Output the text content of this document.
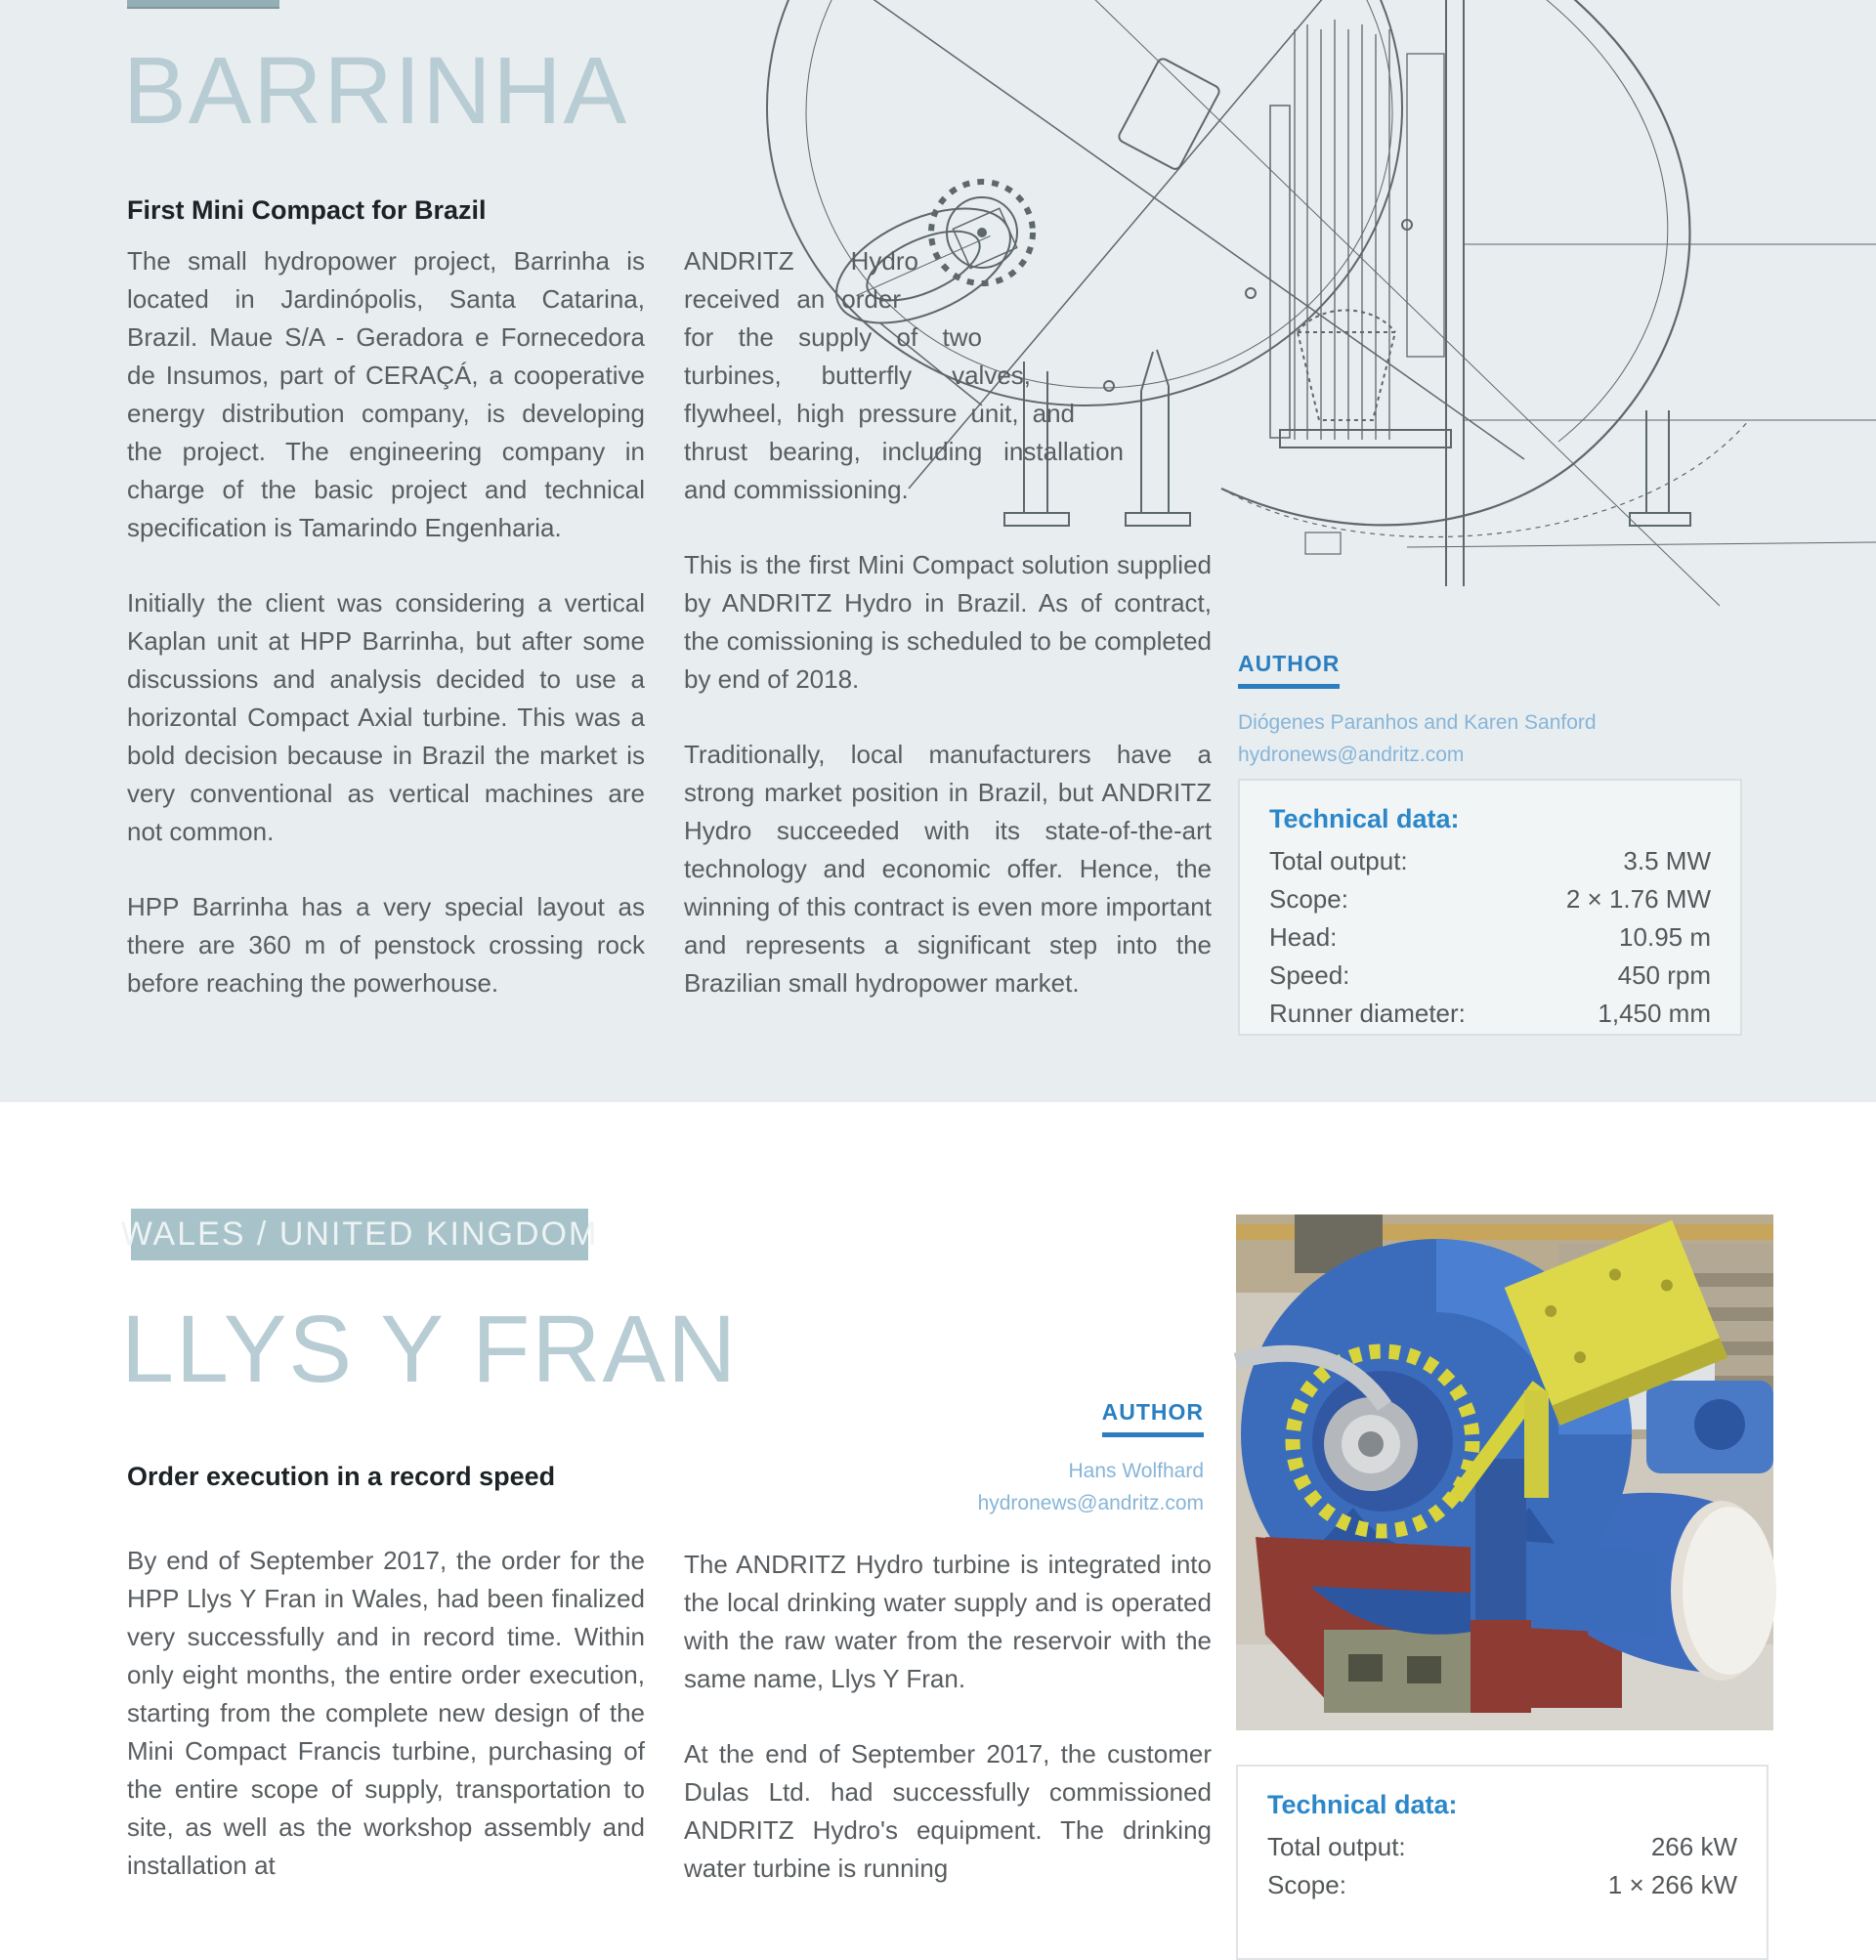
BARRINHA
First Mini Compact for Brazil

The small hydropower project, Barrinha is located in Jardinópolis, Santa Catarina, Brazil. Maue S/A - Geradora e Fornecedora de Insumos, part of CERAÇÁ, a cooperative energy distribution company, is developing the project. The engineering company in charge of the basic project and technical specification is Tamarindo Engenharia.

Initially the client was considering a vertical Kaplan unit at HPP Barrinha, but after some discussions and analysis decided to use a horizontal Compact Axial turbine. This was a bold decision because in Brazil the market is very conventional as vertical machines are not common.

HPP Barrinha has a very special layout as there are 360 m of penstock crossing rock before reaching the powerhouse.

ANDRITZ Hydro received an order for the supply of two turbines, butterfly valves, flywheel, high pressure unit, and thrust bearing, including installation and commissioning.

This is the first Mini Compact solution supplied by ANDRITZ Hydro in Brazil. As of contract, the comissioning is scheduled to be completed by end of 2018.

Traditionally, local manufacturers have a strong market position in Brazil, but ANDRITZ Hydro succeeded with its state-of-the-art technology and economic offer. Hence, the winning of this contract is even more important and represents a significant step into the Brazilian small hydropower market.

AUTHOR
Diógenes Paranhos and Karen Sanford
hydronews@andritz.com

Technical data:

Total output:	3.5 MW
Scope:	2 × 1.76 MW
Head:	10.95 m
Speed:	450 rpm
Runner diameter:	1,450 mm
WALES / UNITED KINGDOM
LLYS Y FRAN
Order execution in a record speed

By end of September 2017, the order for the HPP Llys Y Fran in Wales, had been finalized very successfully and in record time. Within only eight months, the entire order execution, starting from the complete new design of the Mini Compact Francis turbine, purchasing of the entire scope of supply, transportation to site, as well as the workshop assembly and installation at

AUTHOR
Hans Wolfhard
hydronews@andritz.com

The ANDRITZ Hydro turbine is integrated into the local drinking water supply and is operated with the raw water from the reservoir with the same name, Llys Y Fran.

At the end of September 2017, the customer Dulas Ltd. had successfully commissioned ANDRITZ Hydro's equipment. The drinking water turbine is running

Technical data:

Total output:	266 kW
Scope:	1 × 266 kW
